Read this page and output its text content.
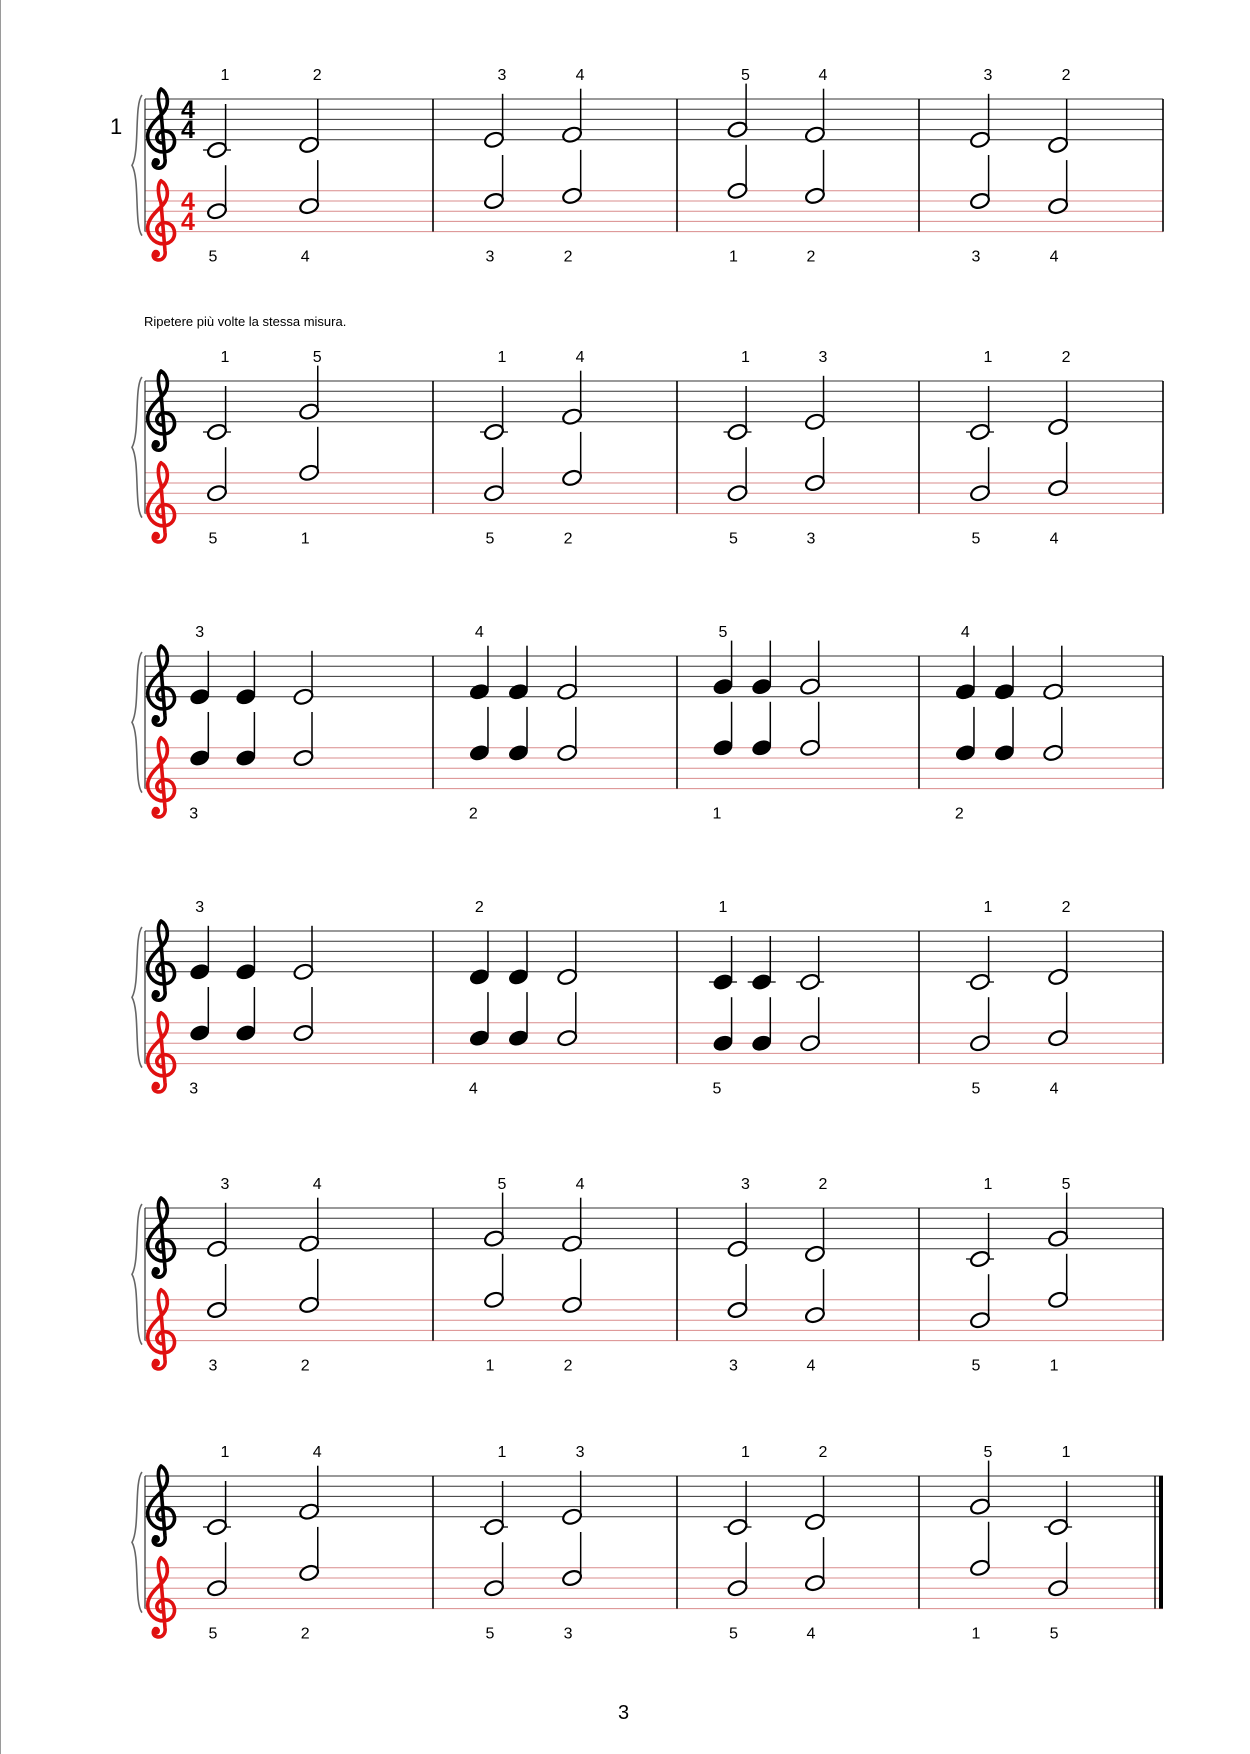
1
Ripetere più volte la stessa misura.
3
4
4
4
4
1	2
5	4
3	4
3	2
5	4
1	2
3	2
3	4
1	5
5	1
1	4
5	2
1	3
5	3
1	2
5	4
3
3
4
2
5
1
4
2
3
3
2
4
1
5
1	2
5	4
3	4
3	2
5	4
1	2
3	2
3	4
1	5
5	1
1	4
5	2
1	3
5	3
1	2
5	4
5	1
1	5
